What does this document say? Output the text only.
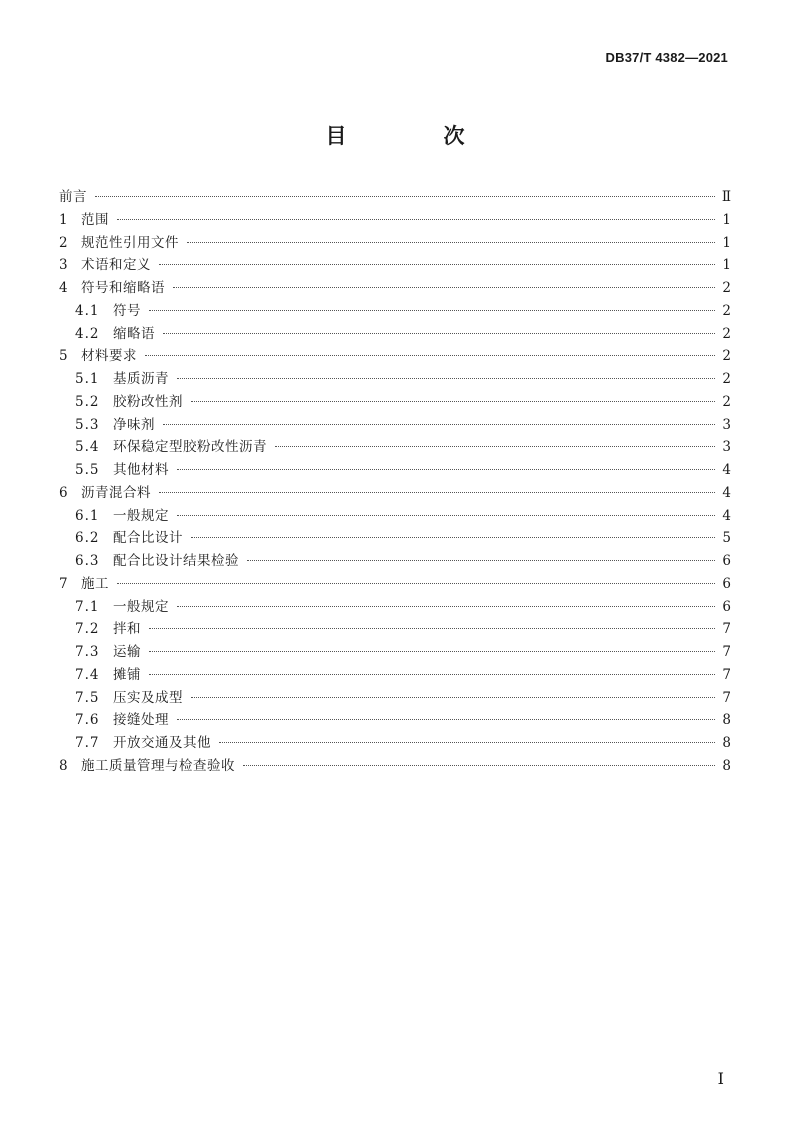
DB37/T 4382—2021
目　次
前言	Ⅱ
1 范围	1
2 规范性引用文件	1
3 术语和定义	1
4 符号和缩略语	2
4.1	符号	2
4.2	缩略语	2
5 材料要求	2
5.1	基质沥青	2
5.2	胶粉改性剂	2
5.3	净味剂	3
5.4	环保稳定型胶粉改性沥青	3
5.5	其他材料	4
6 沥青混合料	4
6.1	一般规定	4
6.2	配合比设计	5
6.3	配合比设计结果检验	6
7 施工	6
7.1	一般规定	6
7.2	拌和	7
7.3	运输	7
7.4	摊铺	7
7.5	压实及成型	7
7.6	接缝处理	8
7.7	开放交通及其他	8
8 施工质量管理与检查验收	8
I
